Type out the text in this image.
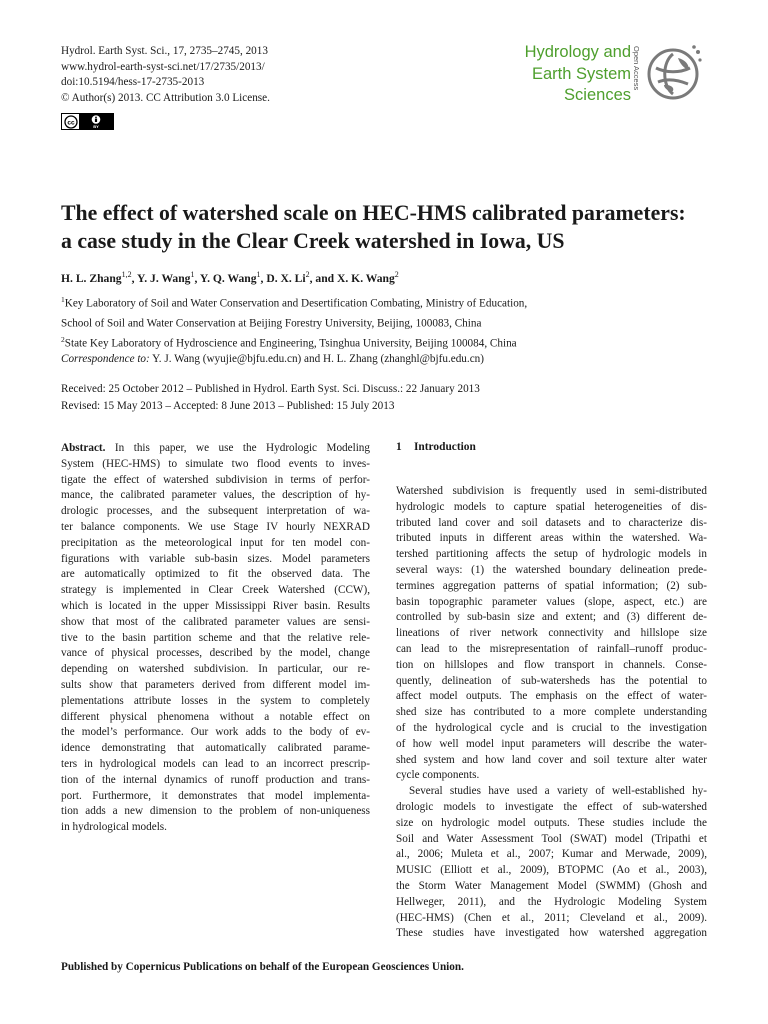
Hydrol. Earth Syst. Sci., 17, 2735–2745, 2013
www.hydrol-earth-syst-sci.net/17/2735/2013/
doi:10.5194/hess-17-2735-2013
© Author(s) 2013. CC Attribution 3.0 License.
cc
BY
Hydrology and
Earth System
Sciences
Open Access
The effect of watershed scale on HEC-HMS calibrated parameters:
a case study in the Clear Creek watershed in Iowa, US
H. L. Zhang$^{1,2}$, Y. J. Wang$^1$, Y. Q. Wang$^1$, D. X. Li$^2$, and X. K. Wang$^2$
$^1$Key Laboratory of Soil and Water Conservation and Desertification Combating, Ministry of Education,
School of Soil and Water Conservation at Beijing Forestry University, Beijing, 100083, China
$^2$State Key Laboratory of Hydroscience and Engineering, Tsinghua University, Beijing 100084, China
Correspondence to: Y. J. Wang (wyujie@bjfu.edu.cn) and H. L. Zhang (zhanghl@bjfu.edu.cn)
Received: 25 October 2012 – Published in Hydrol. Earth Syst. Sci. Discuss.: 22 January 2013
Revised: 15 May 2013 – Accepted: 8 June 2013 – Published: 15 July 2013
Abstract. In this paper, we use the Hydrologic Modeling
System (HEC-HMS) to simulate two flood events to inves-
tigate the effect of watershed subdivision in terms of perfor-
mance, the calibrated parameter values, the description of hy-
drologic processes, and the subsequent interpretation of wa-
ter balance components. We use Stage IV hourly NEXRAD
precipitation as the meteorological input for ten model con-
figurations with variable sub-basin sizes. Model parameters
are automatically optimized to fit the observed data. The
strategy is implemented in Clear Creek Watershed (CCW),
which is located in the upper Mississippi River basin. Results
show that most of the calibrated parameter values are sensi-
tive to the basin partition scheme and that the relative rele-
vance of physical processes, described by the model, change
depending on watershed subdivision. In particular, our re-
sults show that parameters derived from different model im-
plementations attribute losses in the system to completely
different physical phenomena without a notable effect on
the model’s performance. Our work adds to the body of ev-
idence demonstrating that automatically calibrated parame-
ters in hydrological models can lead to an incorrect prescrip-
tion of the internal dynamics of runoff production and trans-
port. Furthermore, it demonstrates that model implementa-
tion adds a new dimension to the problem of non-uniqueness
in hydrological models.
1 Introduction
Watershed subdivision is frequently used in semi-distributed
hydrologic models to capture spatial heterogeneities of dis-
tributed land cover and soil datasets and to characterize dis-
tributed inputs in different areas within the watershed. Wa-
tershed partitioning affects the setup of hydrologic models in
several ways: (1) the watershed boundary delineation prede-
termines aggregation patterns of spatial information; (2) sub-
basin topographic parameter values (slope, aspect, etc.) are
controlled by sub-basin size and extent; and (3) different de-
lineations of river network connectivity and hillslope size
can lead to the misrepresentation of rainfall–runoff produc-
tion on hillslopes and flow transport in channels. Conse-
quently, delineation of sub-watersheds has the potential to
affect model outputs. The emphasis on the effect of water-
shed size has contributed to a more complete understanding
of the hydrological cycle and is crucial to the investigation
of how well model input parameters will describe the water-
shed system and how land cover and soil texture alter water
cycle components.
Several studies have used a variety of well-established hy-
drologic models to investigate the effect of sub-watershed
size on hydrologic model outputs. These studies include the
Soil and Water Assessment Tool (SWAT) model (Tripathi et
al., 2006; Muleta et al., 2007; Kumar and Merwade, 2009),
MUSIC (Elliott et al., 2009), BTOPMC (Ao et al., 2003),
the Storm Water Management Model (SWMM) (Ghosh and
Hellweger, 2011), and the Hydrologic Modeling System
(HEC-HMS) (Chen et al., 2011; Cleveland et al., 2009).
These studies have investigated how watershed aggregation
Published by Copernicus Publications on behalf of the European Geosciences Union.
